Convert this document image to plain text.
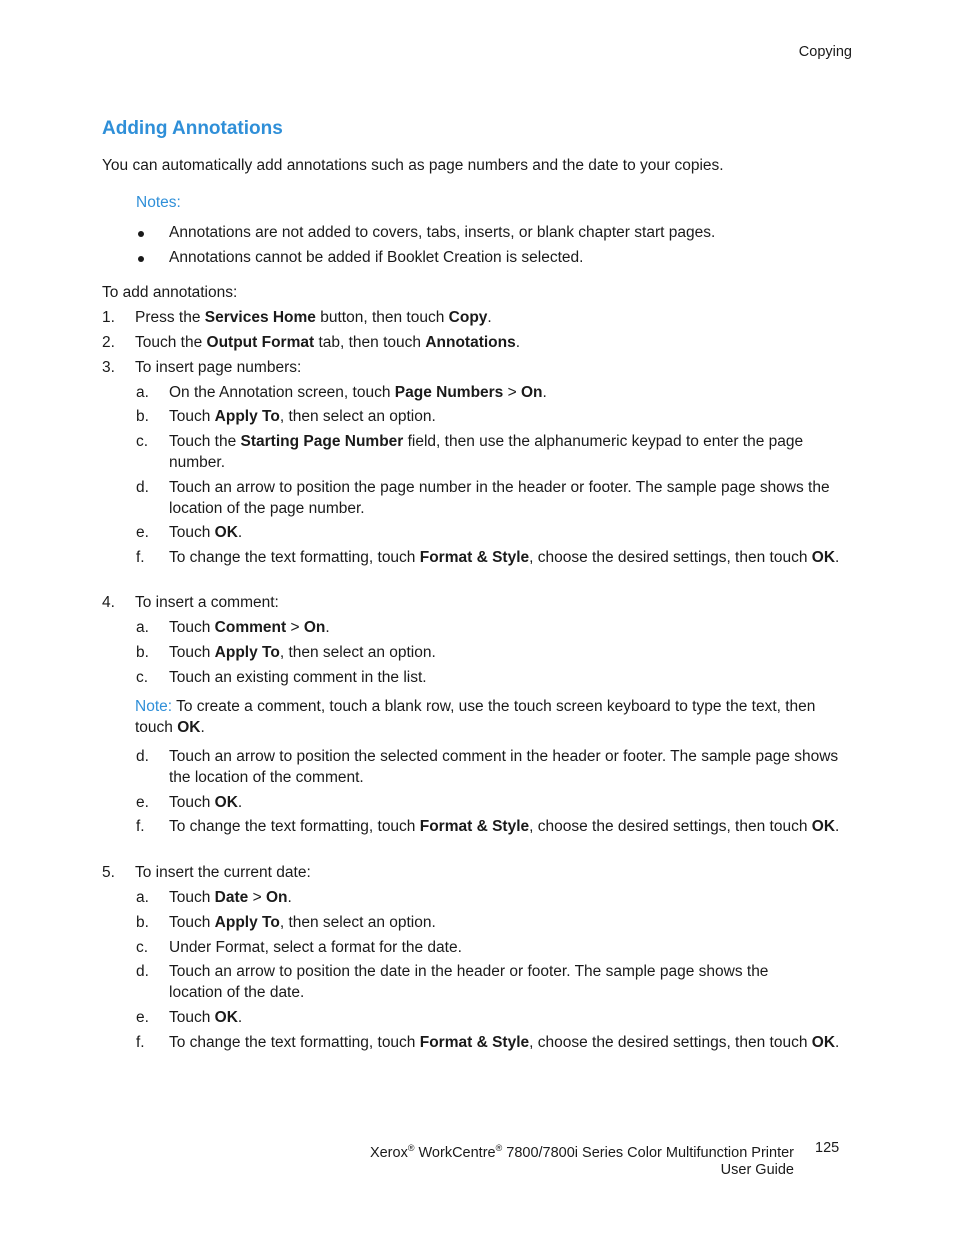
Copying
Adding Annotations
You can automatically add annotations such as page numbers and the date to your copies.
Notes:
Annotations are not added to covers, tabs, inserts, or blank chapter start pages.
Annotations cannot be added if Booklet Creation is selected.
To add annotations:
1. Press the Services Home button, then touch Copy.
2. Touch the Output Format tab, then touch Annotations.
3. To insert page numbers:
a. On the Annotation screen, touch Page Numbers > On.
b. Touch Apply To, then select an option.
c. Touch the Starting Page Number field, then use the alphanumeric keypad to enter the page number.
d. Touch an arrow to position the page number in the header or footer. The sample page shows the location of the page number.
e. Touch OK.
f. To change the text formatting, touch Format & Style, choose the desired settings, then touch OK.
4. To insert a comment:
a. Touch Comment > On.
b. Touch Apply To, then select an option.
c. Touch an existing comment in the list.
Note: To create a comment, touch a blank row, use the touch screen keyboard to type the text, then touch OK.
d. Touch an arrow to position the selected comment in the header or footer. The sample page shows the location of the comment.
e. Touch OK.
f. To change the text formatting, touch Format & Style, choose the desired settings, then touch OK.
5. To insert the current date:
a. Touch Date > On.
b. Touch Apply To, then select an option.
c. Under Format, select a format for the date.
d. Touch an arrow to position the date in the header or footer. The sample page shows the location of the date.
e. Touch OK.
f. To change the text formatting, touch Format & Style, choose the desired settings, then touch OK.
Xerox® WorkCentre® 7800/7800i Series Color Multifunction Printer
User Guide
125
